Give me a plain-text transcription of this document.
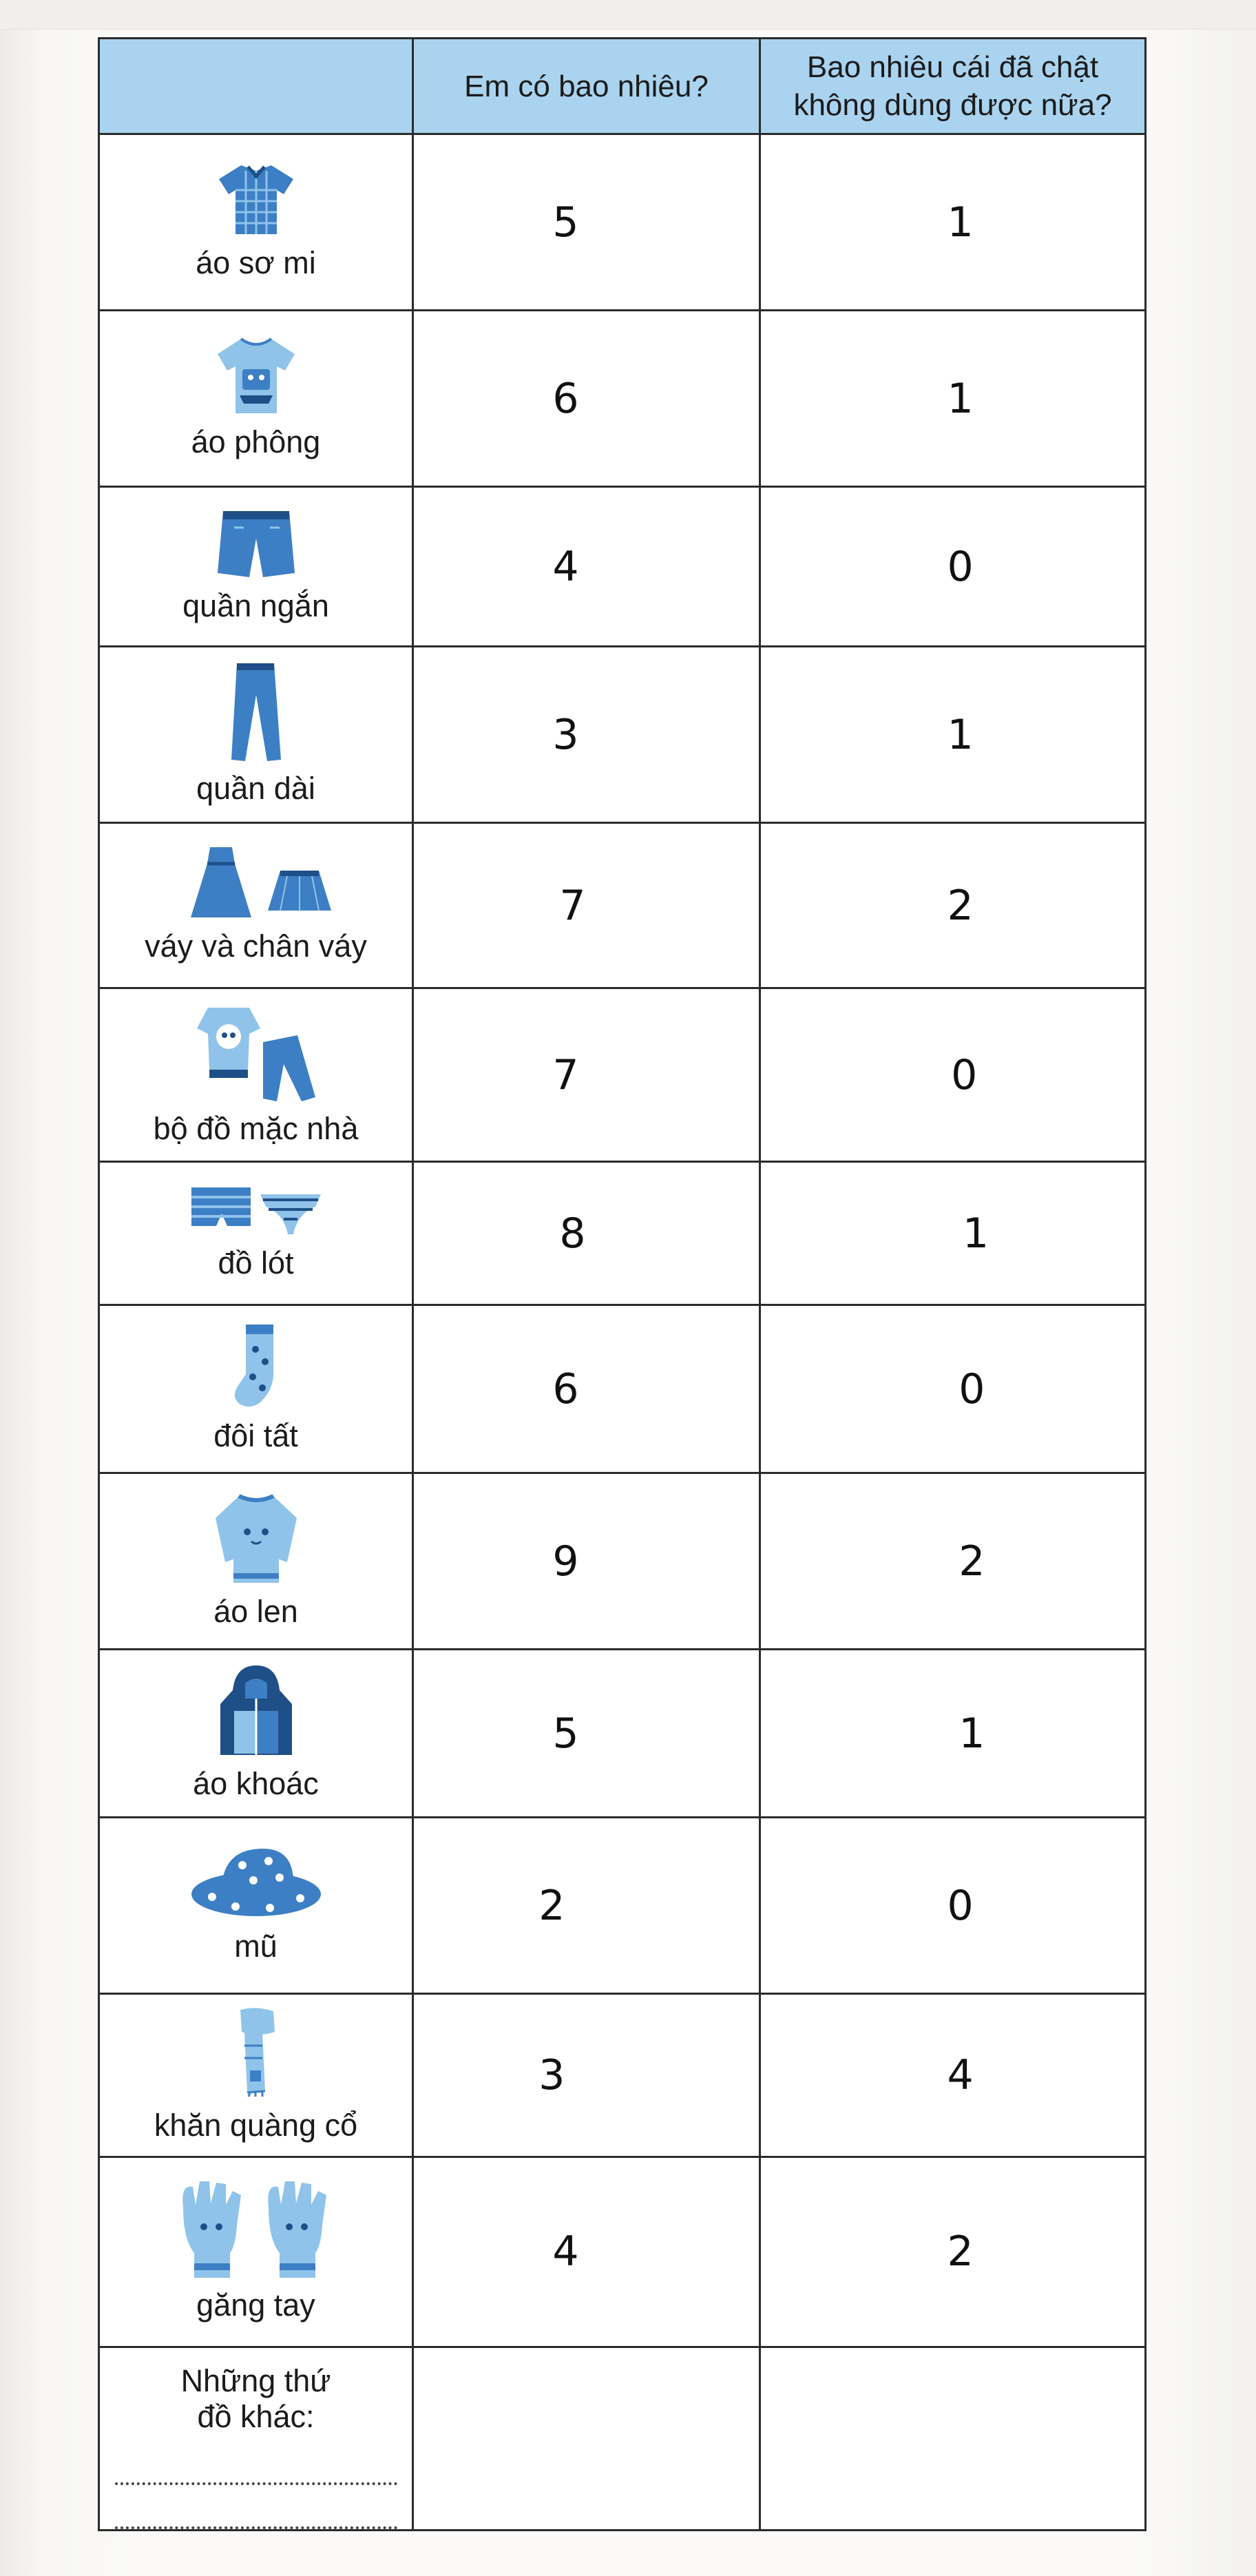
	Em có bao nhiêu?	Bao nhiêu cái đã chật
không dùng được nữa?

áo sơ mi	5	1

áo phông	6	1

quần ngắn	4	0

quần dài	3	1

váy và chân váy	7	2

bộ đồ mặc nhà	7	0

đồ lót	8	1

đôi tất	6	0

áo len	9	2

áo khoác	5	1

mũ	2	0

khăn quàng cổ	3	4

găng tay	4	2

Những thứ
đồ khác:		
